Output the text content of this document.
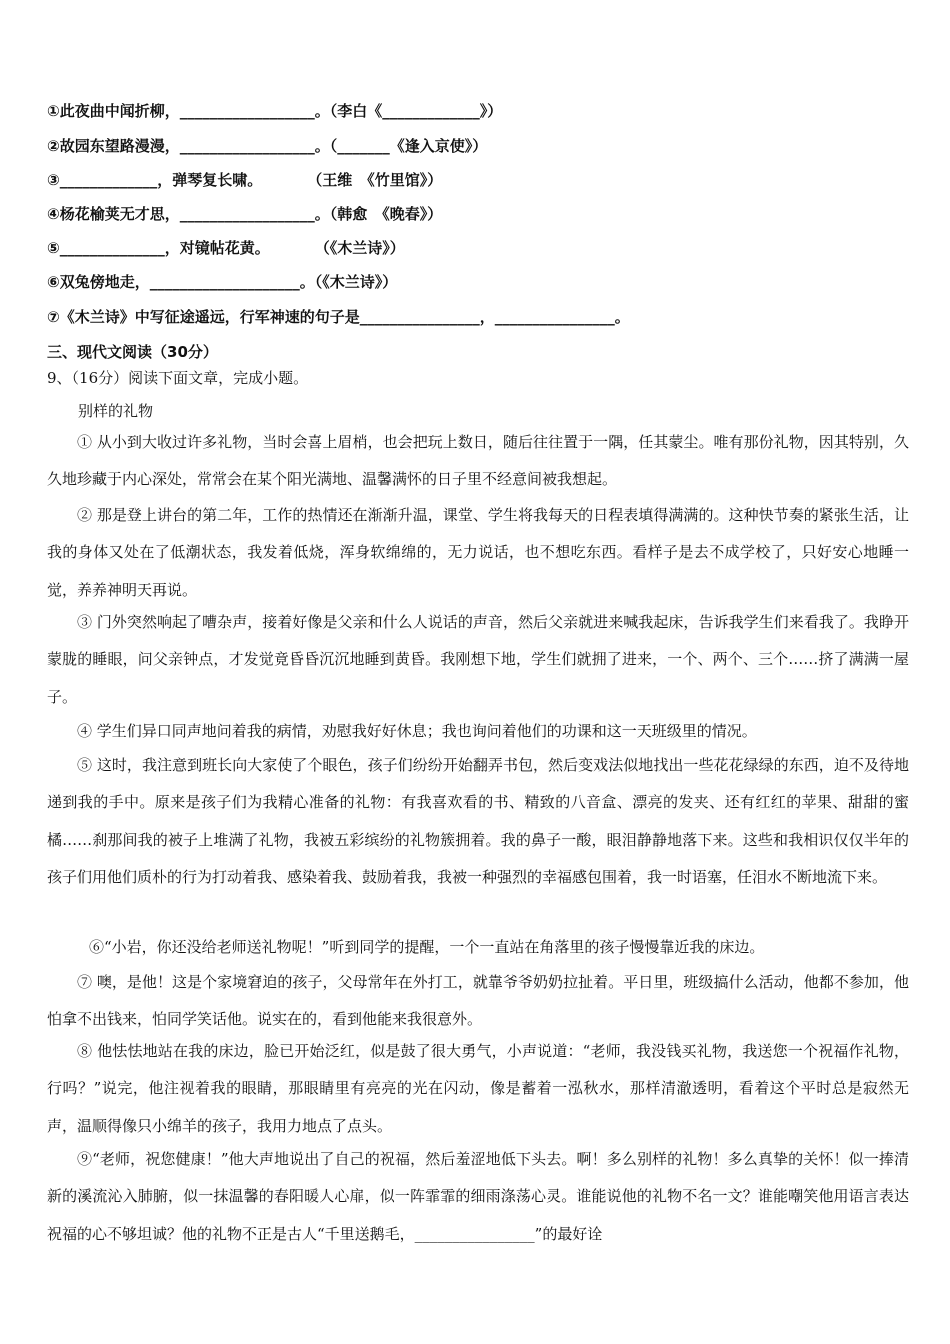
①此夜曲中闻折柳，__________________。（李白《_____________》）
②故园东望路漫漫，__________________。（_______《逢入京使》）
③_____________，弹琴复长啸。　　　　（王维　《竹里馆》）
④杨花榆荚无才思，__________________。（韩愈　《晚春》）
⑤______________，对镜帖花黄。　　　　（《木兰诗》）
⑥双兔傍地走，____________________。（《木兰诗》）
⑦《木兰诗》中写征途遥远，行军神速的句子是________________，________________。
三、现代文阅读（30分）
9、（16分）阅读下面文章，完成小题。
别样的礼物
① 从小到大收过许多礼物，当时会喜上眉梢，也会把玩上数日，随后往往置于一隅，任其蒙尘。唯有那份礼物，因其特别，久久地珍藏于内心深处，常常会在某个阳光满地、温馨满怀的日子里不经意间被我想起。
② 那是登上讲台的第二年，工作的热情还在渐渐升温，课堂、学生将我每天的日程表填得满满的。这种快节奏的紧张生活，让我的身体又处在了低潮状态，我发着低烧，浑身软绵绵的，无力说话，也不想吃东西。看样子是去不成学校了，只好安心地睡一觉，养养神明天再说。
③ 门外突然响起了嘈杂声，接着好像是父亲和什么人说话的声音，然后父亲就进来喊我起床，告诉我学生们来看我了。我睁开蒙胧的睡眼，问父亲钟点，才发觉竟昏昏沉沉地睡到黄昏。我刚想下地，学生们就拥了进来，一个、两个、三个……挤了满满一屋子。
④ 学生们异口同声地问着我的病情，劝慰我好好休息；我也询问着他们的功课和这一天班级里的情况。
⑤ 这时，我注意到班长向大家使了个眼色，孩子们纷纷开始翻弄书包，然后变戏法似地找出一些花花绿绿的东西，迫不及待地递到我的手中。原来是孩子们为我精心准备的礼物：有我喜欢看的书、精致的八音盒、漂亮的发夹、还有红红的苹果、甜甜的蜜橘……刹那间我的被子上堆满了礼物，我被五彩缤纷的礼物簇拥着。我的鼻子一酸，眼泪静静地落下来。这些和我相识仅仅半年的孩子们用他们质朴的行为打动着我、感染着我、鼓励着我，我被一种强烈的幸福感包围着，我一时语塞，任泪水不断地流下来。
⑥“小岩，你还没给老师送礼物呢！”听到同学的提醒，一个一直站在角落里的孩子慢慢靠近我的床边。
⑦ 噢，是他！这是个家境窘迫的孩子，父母常年在外打工，就靠爷爷奶奶拉扯着。平日里，班级搞什么活动，他都不参加，他怕拿不出钱来，怕同学笑话他。说实在的，看到他能来我很意外。
⑧ 他怯怯地站在我的床边，脸已开始泛红，似是鼓了很大勇气，小声说道：“老师，我没钱买礼物，我送您一个祝福作礼物，行吗？”说完，他注视着我的眼睛，那眼睛里有亮亮的光在闪动，像是蓄着一泓秋水，那样清澈透明，看着这个平时总是寂然无声，温顺得像只小绵羊的孩子，我用力地点了点头。
⑨“老师，祝您健康！”他大声地说出了自己的祝福，然后羞涩地低下头去。啊！多么别样的礼物！多么真挚的关怀！似一捧清新的溪流沁入肺腑，似一抹温馨的春阳暖人心扉，似一阵霏霏的细雨涤荡心灵。谁能说他的礼物不名一文？谁能嘲笑他用语言表达祝福的心不够坦诚？他的礼物不正是古人“千里送鹅毛，________________”的最好诠
